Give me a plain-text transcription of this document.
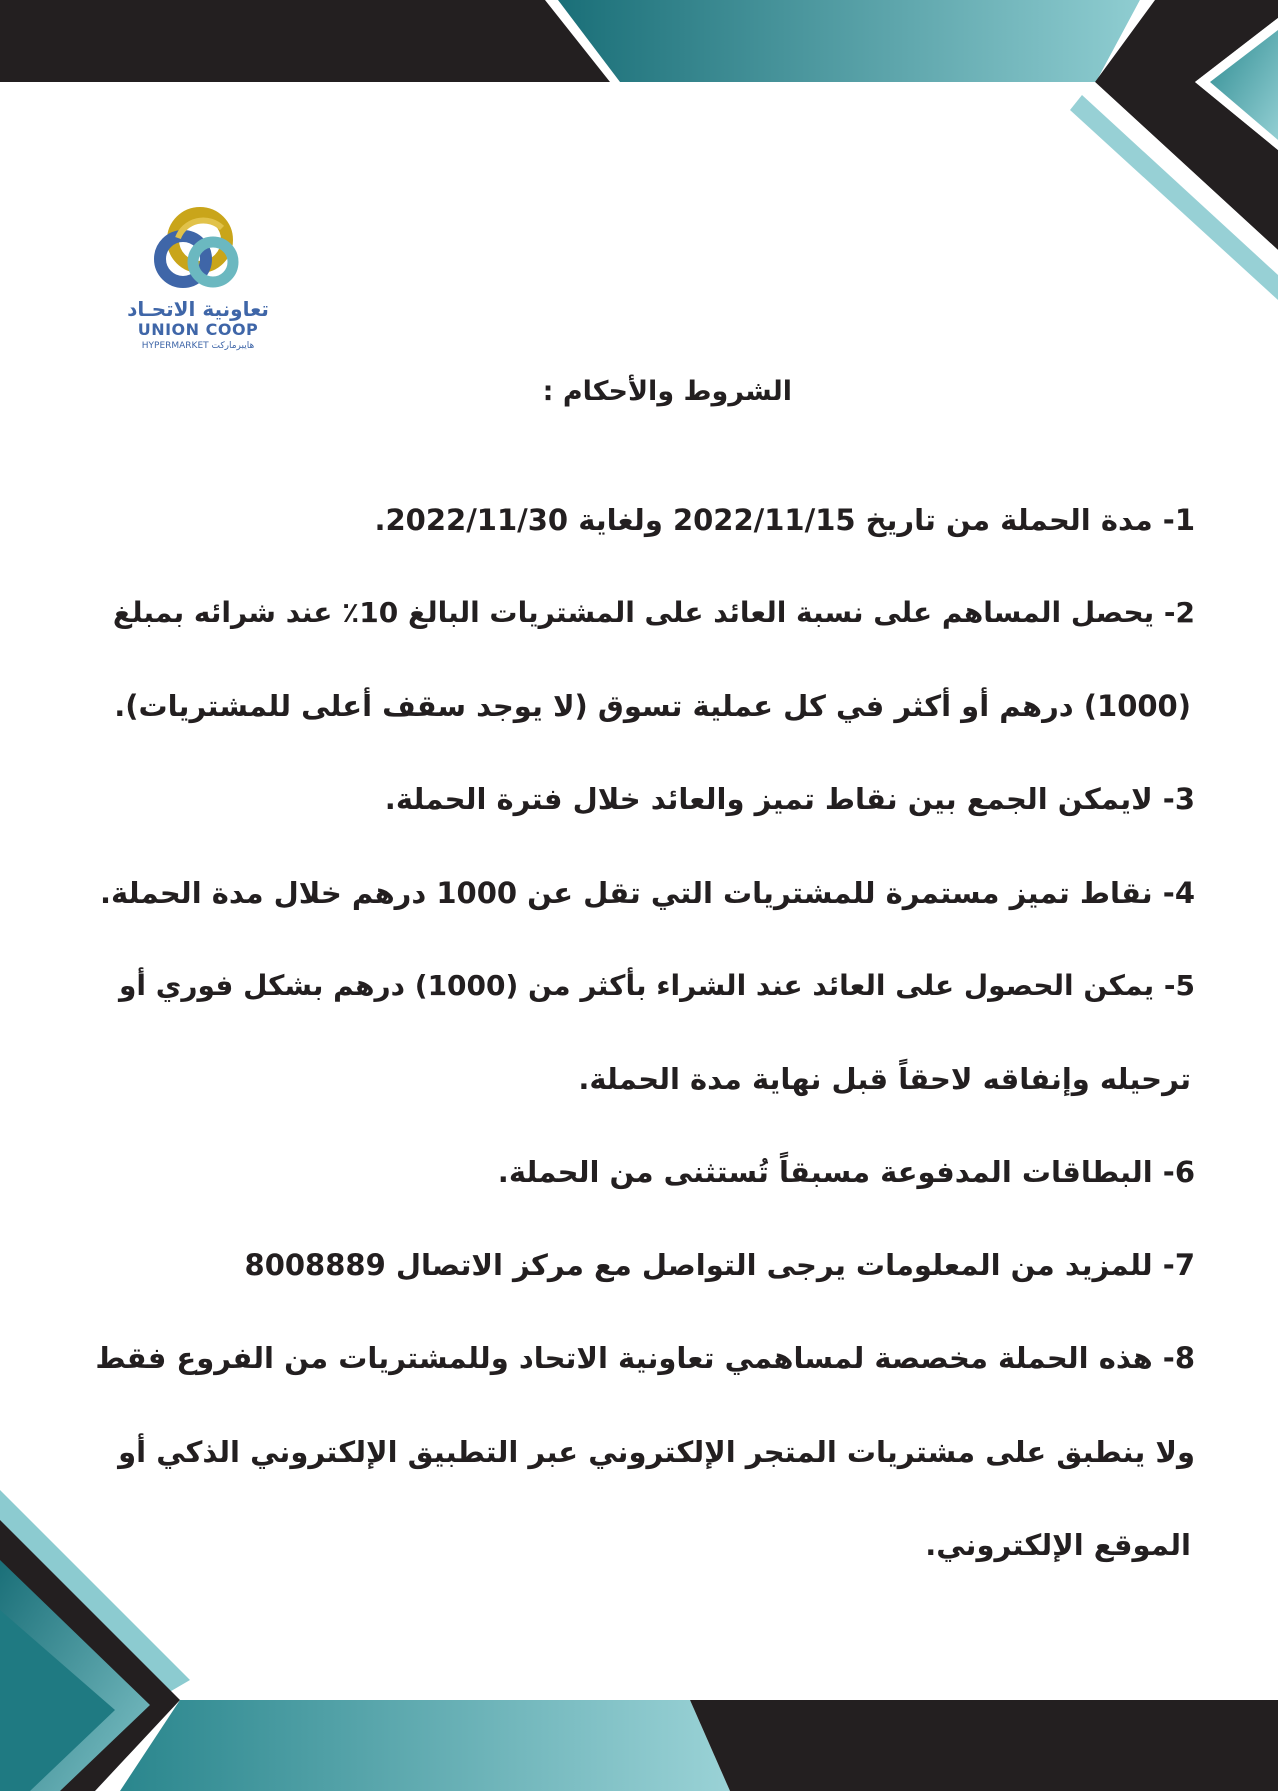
تعاونية الاتحـاد
UNION COOP
HYPERMARKET هايبرماركت
الشروط والأحكام :
1- مدة الحملة من تاريخ 2022/11/15 ولغاية 2022/11/30.
2- يحصل المساهم على نسبة العائد على المشتريات البالغ 10٪ عند شرائه بمبلغ
(1000) درهم أو أكثر في كل عملية تسوق (لا يوجد سقف أعلى للمشتريات).
3- لايمكن الجمع بين نقاط تميز والعائد خلال فترة الحملة.
4- نقاط تميز مستمرة للمشتريات التي تقل عن 1000 درهم خلال مدة الحملة.
5- يمكن الحصول على العائد عند الشراء بأكثر من (1000) درهم بشكل فوري أو
ترحيله وإنفاقه لاحقاً قبل نهاية مدة الحملة.
6- البطاقات المدفوعة مسبقاً تُستثنى من الحملة.
7- للمزيد من المعلومات يرجى التواصل مع مركز الاتصال 8008889
8- هذه الحملة مخصصة لمساهمي تعاونية الاتحاد وللمشتريات من الفروع فقط
ولا ينطبق على مشتريات المتجر الإلكتروني عبر التطبيق الإلكتروني الذكي أو
الموقع الإلكتروني.
